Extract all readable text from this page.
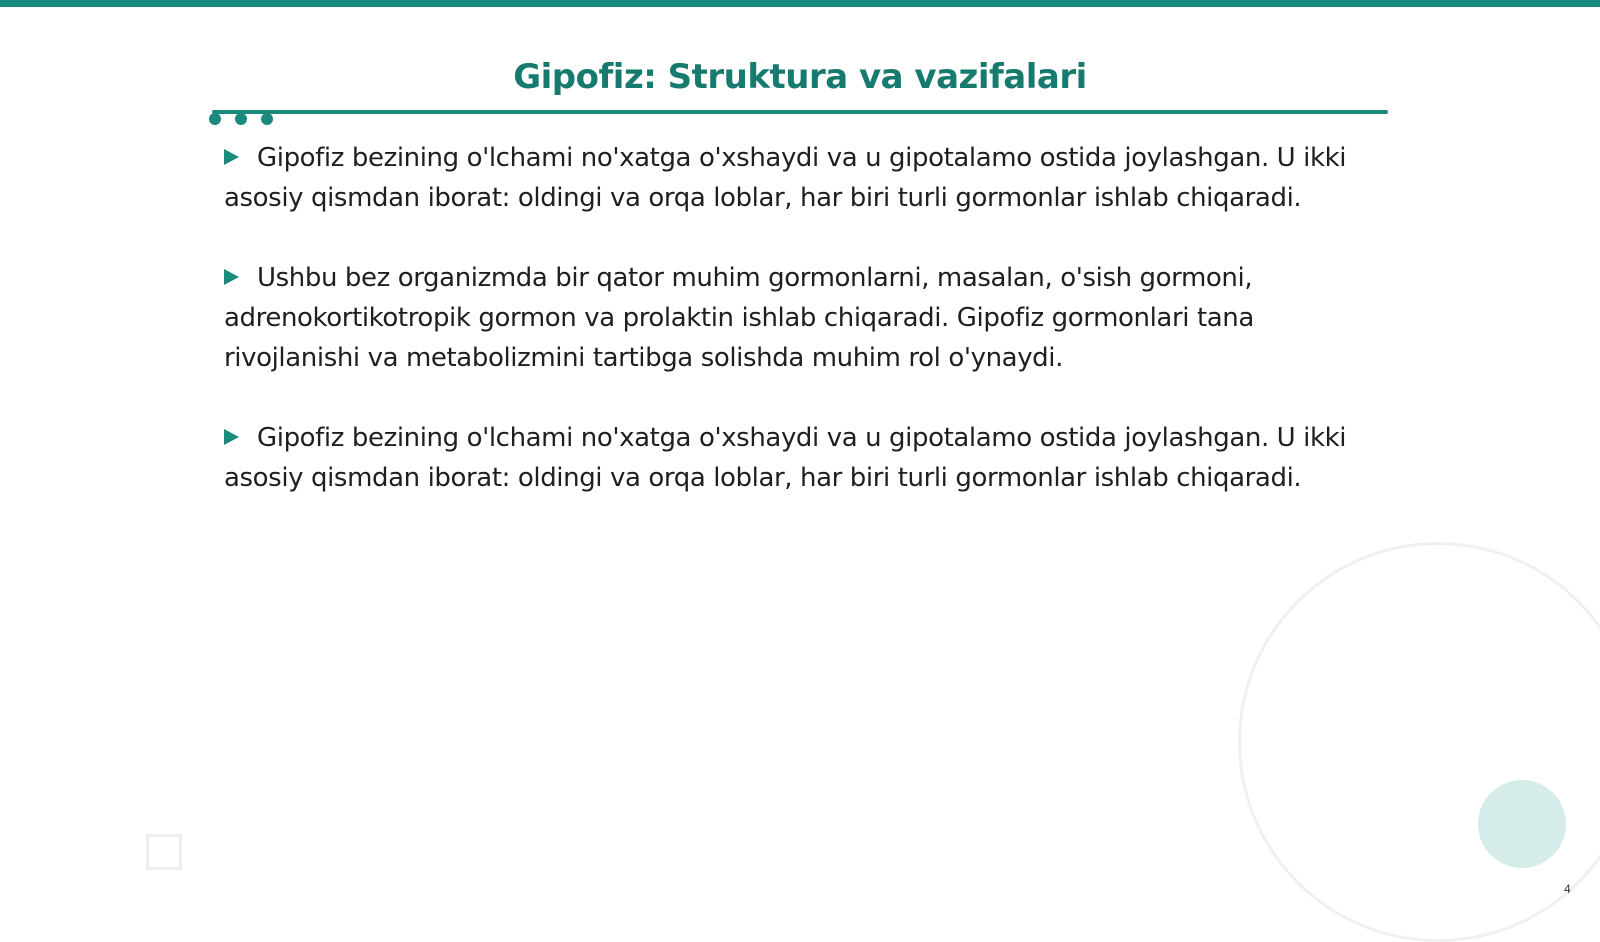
Gipofiz: Struktura va vazifalari

Gipofiz bezining o'lchami no'xatga o'xshaydi va u gipotalamo ostida joylashgan. U ikki asosiy qismdan iborat: oldingi va orqa loblar, har biri turli gormonlar ishlab chiqaradi.

Ushbu bez organizmda bir qator muhim gormonlarni, masalan, o'sish gormoni, adrenokortikotropik gormon va prolaktin ishlab chiqaradi. Gipofiz gormonlari tana rivojlanishi va metabolizmini tartibga solishda muhim rol o'ynaydi.

Gipofiz bezining o'lchami no'xatga o'xshaydi va u gipotalamo ostida joylashgan. U ikki asosiy qismdan iborat: oldingi va orqa loblar, har biri turli gormonlar ishlab chiqaradi.

4
